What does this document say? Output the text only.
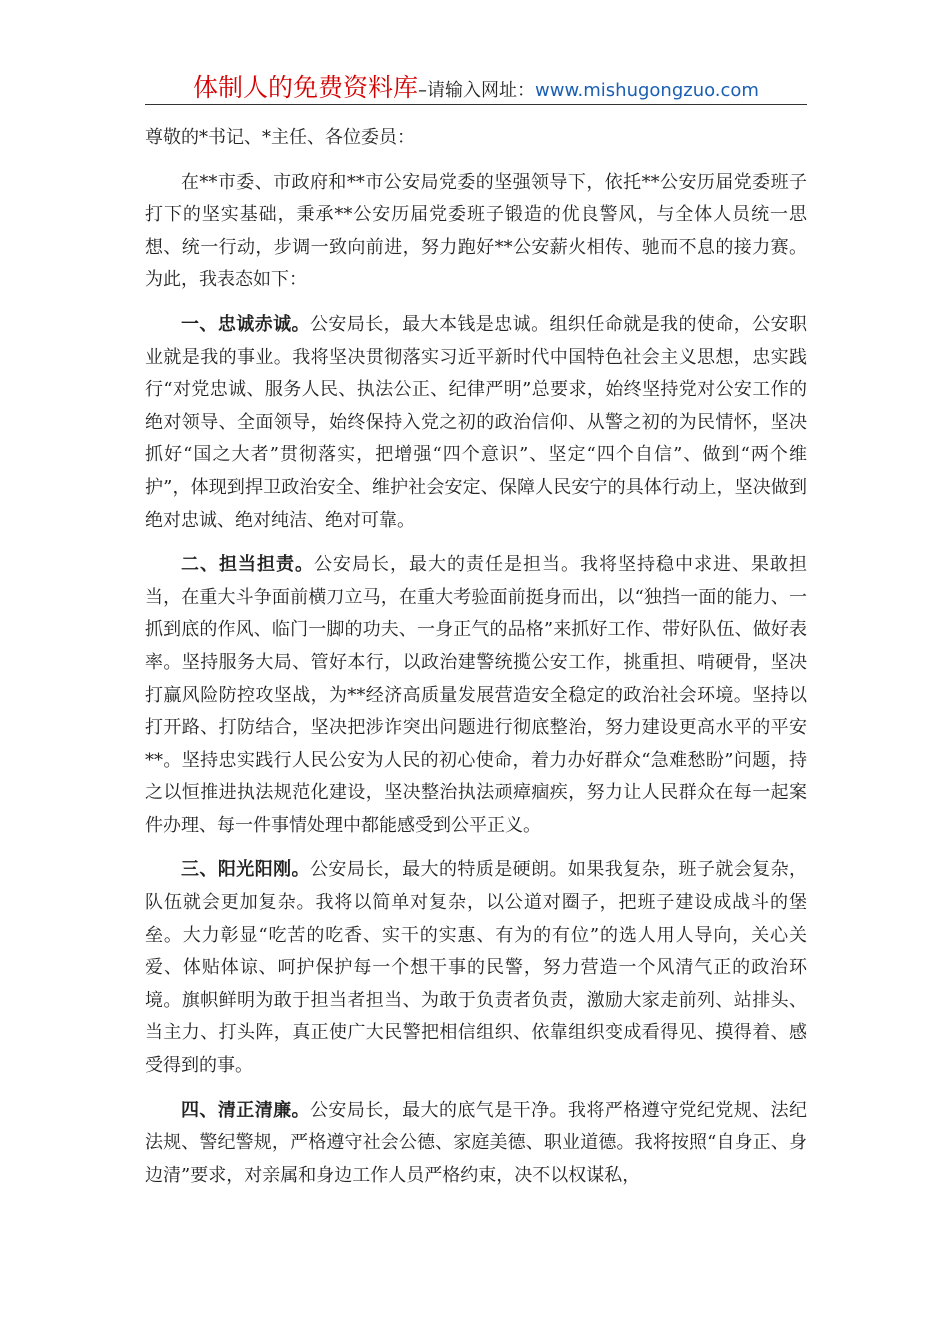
体制人的免费资料库–请输入网址：www.mishugongzuo.com

尊敬的*书记、*主任、各位委员：

在**市委、市政府和**市公安局党委的坚强领导下，依托**公安历届党委班子打下的坚实基础，秉承**公安历届党委班子锻造的优良警风，与全体人员统一思想、统一行动，步调一致向前进，努力跑好**公安薪火相传、驰而不息的接力赛。为此，我表态如下：

一、忠诚赤诚。公安局长，最大本钱是忠诚。组织任命就是我的使命，公安职业就是我的事业。我将坚决贯彻落实习近平新时代中国特色社会主义思想，忠实践行“对党忠诚、服务人民、执法公正、纪律严明”总要求，始终坚持党对公安工作的绝对领导、全面领导，始终保持入党之初的政治信仰、从警之初的为民情怀，坚决抓好“国之大者”贯彻落实，把增强“四个意识”、坚定“四个自信”、做到“两个维护”，体现到捍卫政治安全、维护社会安定、保障人民安宁的具体行动上，坚决做到绝对忠诚、绝对纯洁、绝对可靠。

二、担当担责。公安局长，最大的责任是担当。我将坚持稳中求进、果敢担当，在重大斗争面前横刀立马，在重大考验面前挺身而出，以“独挡一面的能力、一抓到底的作风、临门一脚的功夫、一身正气的品格”来抓好工作、带好队伍、做好表率。坚持服务大局、管好本行，以政治建警统揽公安工作，挑重担、啃硬骨，坚决打赢风险防控攻坚战，为**经济高质量发展营造安全稳定的政治社会环境。坚持以打开路、打防结合，坚决把涉诈突出问题进行彻底整治，努力建设更高水平的平安**。坚持忠实践行人民公安为人民的初心使命，着力办好群众“急难愁盼”问题，持之以恒推进执法规范化建设，坚决整治执法顽瘴痼疾，努力让人民群众在每一起案件办理、每一件事情处理中都能感受到公平正义。

三、阳光阳刚。公安局长，最大的特质是硬朗。如果我复杂，班子就会复杂，队伍就会更加复杂。我将以简单对复杂，以公道对圈子，把班子建设成战斗的堡垒。大力彰显“吃苦的吃香、实干的实惠、有为的有位”的选人用人导向，关心关爱、体贴体谅、呵护保护每一个想干事的民警，努力营造一个风清气正的政治环境。旗帜鲜明为敢于担当者担当、为敢于负责者负责，激励大家走前列、站排头、当主力、打头阵，真正使广大民警把相信组织、依靠组织变成看得见、摸得着、感受得到的事。

四、清正清廉。公安局长，最大的底气是干净。我将严格遵守党纪党规、法纪法规、警纪警规，严格遵守社会公德、家庭美德、职业道德。我将按照“自身正、身边清”要求，对亲属和身边工作人员严格约束，决不以权谋私，
